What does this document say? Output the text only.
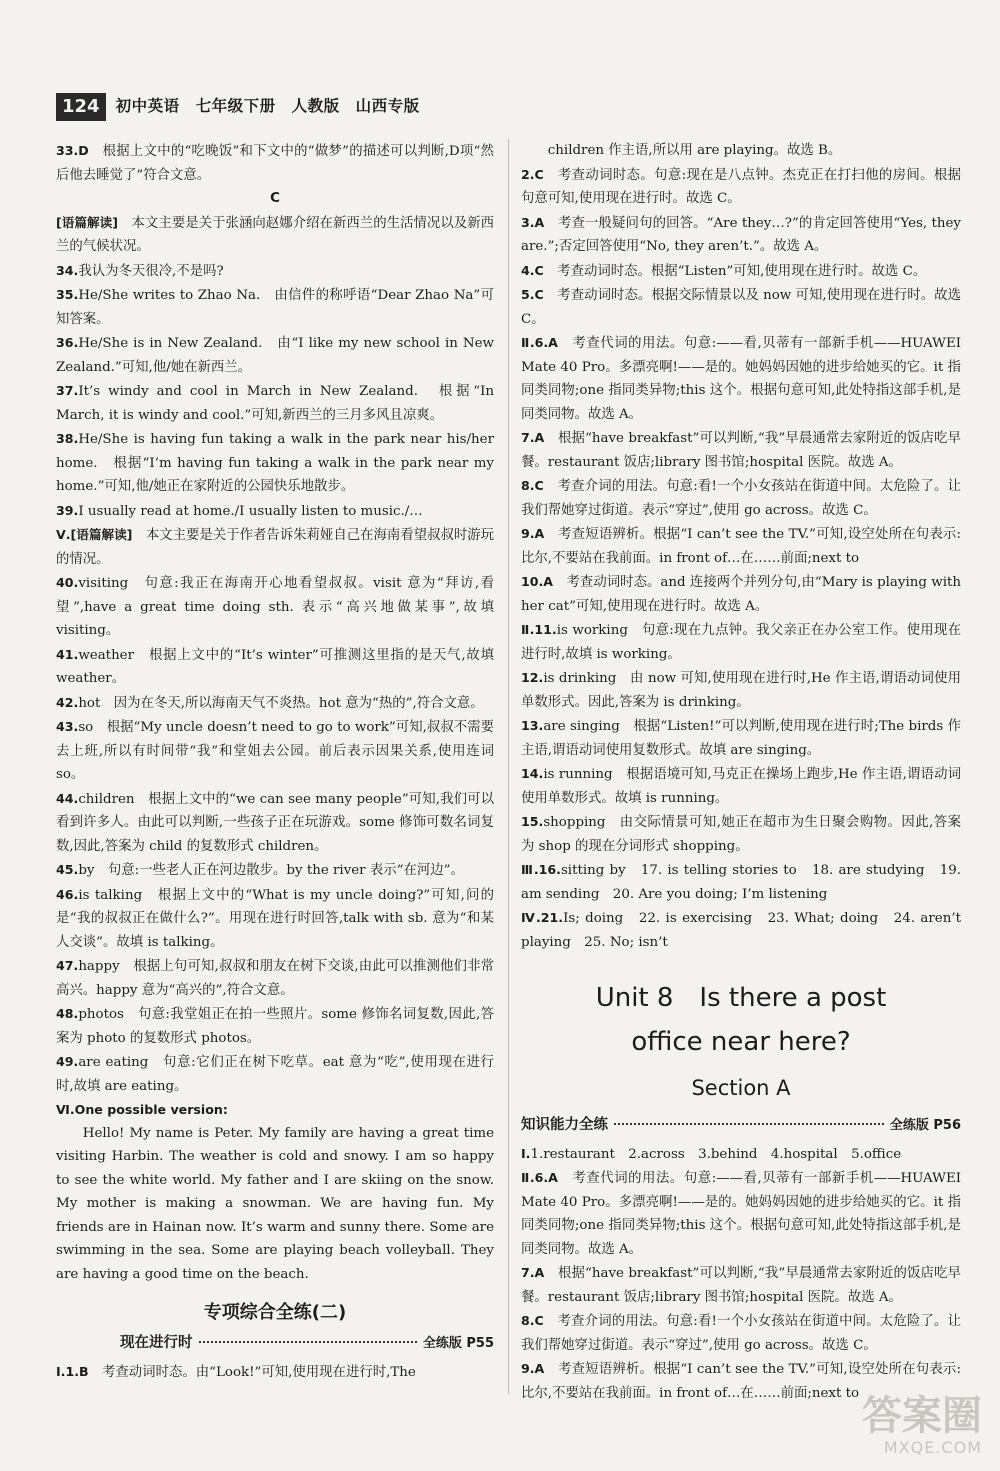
124	初中英语　七年级下册　人教版　山西专版

33.D　 根据上文中的“吃晚饭”和下文中的“做梦”的描述可以判断,D项“然后他去睡觉了”符合文意。

C

[语篇解读]　 本文主要是关于张涵向赵娜介绍在新西兰的生活情况以及新西兰的气候状况。

34.我认为冬天很冷,不是吗?

35.He/She writes to Zhao Na.　由信件的称呼语“Dear Zhao Na”可知答案。

36.He/She is in New Zealand.　由“I like my new school in New Zealand.”可知,他/她在新西兰。

37.It’s windy and cool in March in New Zealand.　根据“In March, it is windy and cool.”可知,新西兰的三月多风且凉爽。

38.He/She is having fun taking a walk in the park near his/her home.　根据“I’m having fun taking a walk in the park near my home.”可知,他/她正在家附近的公园快乐地散步。

39.I usually read at home./I usually listen to music./…

Ⅴ.[语篇解读]　 本文主要是关于作者告诉朱莉娅自己在海南看望叔叔时游玩的情况。

40.visiting　句意:我正在海南开心地看望叔叔。visit 意为“拜访,看望”,have a great time doing sth. 表示“高兴地做某事”,故填 visiting。

41.weather　根据上文中的“It’s winter”可推测这里指的是天气,故填 weather。

42.hot　因为在冬天,所以海南天气不炎热。hot 意为“热的”,符合文意。

43.so　根据“My uncle doesn’t need to go to work”可知,叔叔不需要去上班,所以有时间带“我”和堂姐去公园。前后表示因果关系,使用连词 so。

44.children　根据上文中的“we can see many people”可知,我们可以看到许多人。由此可以判断,一些孩子正在玩游戏。some 修饰可数名词复数,因此,答案为 child 的复数形式 children。

45.by　句意:一些老人正在河边散步。by the river 表示“在河边”。

46.is talking　根据上文中的“What is my uncle doing?”可知,问的是“我的叔叔正在做什么?”。用现在进行时回答,talk with sb. 意为“和某人交谈”。故填 is talking。

47.happy　根据上句可知,叔叔和朋友在树下交谈,由此可以推测他们非常高兴。happy 意为“高兴的”,符合文意。

48.photos　句意:我堂姐正在拍一些照片。some 修饰名词复数,因此,答案为 photo 的复数形式 photos。

49.are eating　句意:它们正在树下吃草。eat 意为“吃”,使用现在进行时,故填 are eating。

Ⅵ.One possible version:

Hello! My name is Peter. My family are having a great time visiting Harbin. The weather is cold and snowy. I am so happy to see the white world. My father and I are skiing on the snow. My mother is making a snowman. We are having fun. My friends are in Hainan now. It’s warm and sunny there. Some are swimming in the sea. Some are playing beach volleyball. They are having a good time on the beach.

专项综合全练(二)
现在进行时	全练版 P55

Ⅰ.1.B　 考查动词时态。由“Look!”可知,使用现在进行时,The

children 作主语,所以用 are playing。故选 B。

2.C　 考查动词时态。句意:现在是八点钟。杰克正在打扫他的房间。根据句意可知,使用现在进行时。故选 C。

3.A　 考查一般疑问句的回答。“Are they…?”的肯定回答使用“Yes, they are.”;否定回答使用“No, they aren’t.”。故选 A。

4.C　 考查动词时态。根据“Listen”可知,使用现在进行时。故选 C。

5.C　 考查动词时态。根据交际情景以及 now 可知,使用现在进行时。故选 C。

Ⅱ.6.A　 考查代词的用法。句意:——看,贝蒂有一部新手机——HUAWEI Mate 40 Pro。多漂亮啊!——是的。她妈妈因她的进步给她买的它。it 指同类同物;one 指同类异物;this 这个。根据句意可知,此处特指这部手机,是同类同物。故选 A。

7.A　 根据“have breakfast”可以判断,“我”早晨通常去家附近的饭店吃早餐。restaurant 饭店;library 图书馆;hospital 医院。故选 A。

8.C　 考查介词的用法。句意:看!一个小女孩站在街道中间。太危险了。让我们帮她穿过街道。表示“穿过”,使用 go across。故选 C。

9.A　 考查短语辨析。根据“I can’t see the TV.”可知,设空处所在句表示:比尔,不要站在我前面。in front of…在……前面;next to

10.A　 考查动词时态。and 连接两个并列分句,由“Mary is playing with her cat”可知,使用现在进行时。故选 A。

Ⅱ.11.is working　句意:现在九点钟。我父亲正在办公室工作。使用现在进行时,故填 is working。

12.is drinking　由 now 可知,使用现在进行时,He 作主语,谓语动词使用单数形式。因此,答案为 is drinking。

13.are singing　根据“Listen!”可以判断,使用现在进行时;The birds 作主语,谓语动词使用复数形式。故填 are singing。

14.is running　根据语境可知,马克正在操场上跑步,He 作主语,谓语动词使用单数形式。故填 is running。

15.shopping　由交际情景可知,她正在超市为生日聚会购物。因此,答案为 shop 的现在分词形式 shopping。

Ⅲ.16.sitting by　17. is telling stories to　18. are studying　19. am sending　20. Are you doing; I’m listening

Ⅳ.21.Is; doing　22. is exercising　23. What; doing　24. aren’t playing　25. No; isn’t

Unit 8　Is there a post
office near here?
Section A
知识能力全练	全练版 P56

Ⅰ.1.restaurant　2.across　3.behind　4.hospital　5.office

Ⅱ.6.A　 考查代词的用法。句意:——看,贝蒂有一部新手机——HUAWEI Mate 40 Pro。多漂亮啊!——是的。她妈妈因她的进步给她买的它。it 指同类同物;one 指同类异物;this 这个。根据句意可知,此处特指这部手机,是同类同物。故选 A。

7.A　 根据“have breakfast”可以判断,“我”早晨通常去家附近的饭店吃早餐。restaurant 饭店;library 图书馆;hospital 医院。故选 A。

8.C　 考查介词的用法。句意:看!一个小女孩站在街道中间。太危险了。让我们帮她穿过街道。表示“穿过”,使用 go across。故选 C。

9.A　 考查短语辨析。根据“I can’t see the TV.”可知,设空处所在句表示:比尔,不要站在我前面。in front of…在……前面;next to 答案圈
MXQE.COM
